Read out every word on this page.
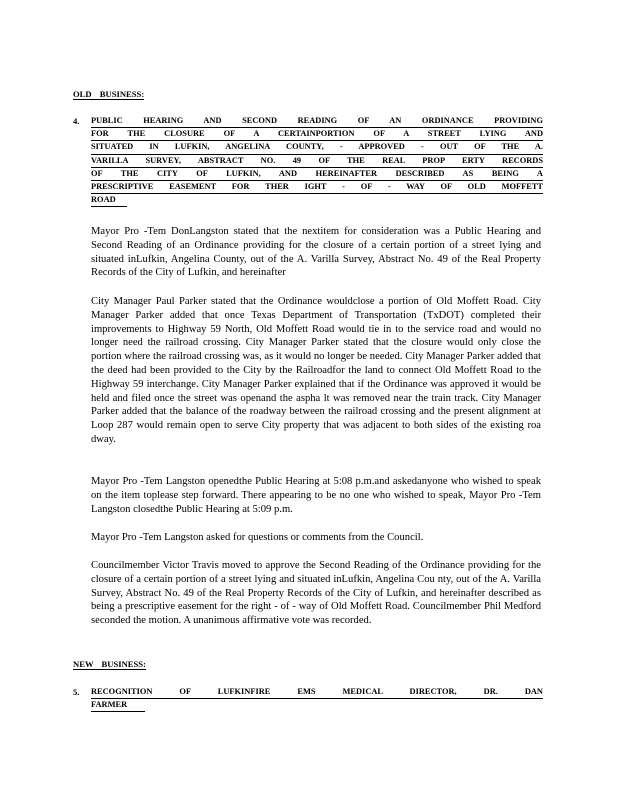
OLD BUSINESS:
4. PUBLIC HEARING AND SECOND READING OF AN ORDINANCE PROVIDING
FOR THE CLOSURE OF A CERTAINPORTION OF A STREET LYING AND
SITUATED IN LUFKIN, ANGELINA COUNTY, - APPROVED - OUT OF THE A.
VARILLA SURVEY, ABSTRACT NO. 49 OF THE REAL PROP ERTY RECORDS
OF THE CITY OF LUFKIN, AND HEREINAFTER DESCRIBED AS BEING A
PRESCRIPTIVE EASEMENT FOR THER IGHT - OF - WAY OF OLD MOFFETT
ROAD

Mayor Pro -Tem DonLangston stated that the nextitem for consideration was a Public Hearing and Second Reading of an Ordinance providing for the closure of a certain portion of a street lying and situated inLufkin, Angelina County, out of the A. Varilla Survey, Abstract No. 49 of the Real Property Records of the City of Lufkin, and hereinafter

City Manager Paul Parker stated that the Ordinance wouldclose a portion of Old Moffett Road. City Manager Parker added that once Texas Department of Transportation (TxDOT) completed their improvements to Highway 59 North, Old Moffett Road would tie in to the service road and would no longer need the railroad crossing. City Manager Parker stated that the closure would only close the portion where the railroad crossing was, as it would no longer be needed. City Manager Parker added that the deed had been provided to the City by the Railroadfor the land to connect Old Moffett Road to the Highway 59 interchange. City Manager Parker explained that if the Ordinance was approved it would be held and filed once the street was openand the aspha lt was removed near the train track. City Manager Parker added that the balance of the roadway between the railroad crossing and the present alignment at Loop 287 would remain open to serve City property that was adjacent to both sides of the existing roa dway.

Mayor Pro -Tem Langston openedthe Public Hearing at 5:08 p.m.and askedanyone who wished to speak on the item toplease step forward. There appearing to be no one who wished to speak, Mayor Pro -Tem Langston closedthe Public Hearing at 5:09 p.m.

Mayor Pro -Tem Langston asked for questions or comments from the Council.

Councilmember Victor Travis moved to approve the Second Reading of the Ordinance providing for the closure of a certain portion of a street lying and situated inLufkin, Angelina Cou nty, out of the A. Varilla Survey, Abstract No. 49 of the Real Property Records of the City of Lufkin, and hereinafter described as being a prescriptive easement for the right - of - way of Old Moffett Road. Councilmember Phil Medford seconded the motion. A unanimous affirmative vote was recorded.

NEW BUSINESS:
5. RECOGNITION OF LUFKINFIRE EMS MEDICAL DIRECTOR, DR. DAN
FARMER
